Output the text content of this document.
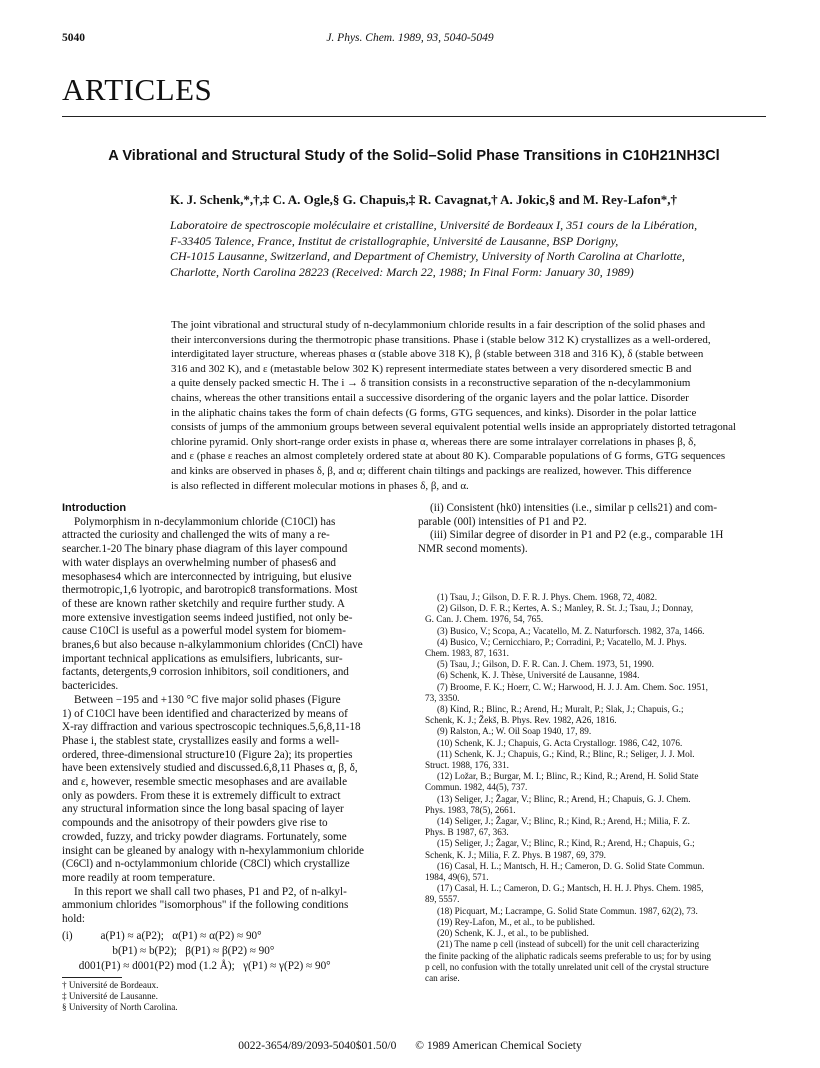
5040	J. Phys. Chem. 1989, 93, 5040-5049
ARTICLES
A Vibrational and Structural Study of the Solid–Solid Phase Transitions in C10H21NH3Cl
K. J. Schenk,*,†,‡ C. A. Ogle,§ G. Chapuis,‡ R. Cavagnat,† A. Jokic,§ and M. Rey-Lafon*,†

Laboratoire de spectroscopie moléculaire et cristalline, Université de Bordeaux I, 351 cours de la Libération,

F-33405 Talence, France, Institut de cristallographie, Université de Lausanne, BSP Dorigny,

CH-1015 Lausanne, Switzerland, and Department of Chemistry, University of North Carolina at Charlotte,

Charlotte, North Carolina 28223 (Received: March 22, 1988; In Final Form: January 30, 1989)

The joint vibrational and structural study of n-decylammonium chloride results in a fair description of the solid phases and

their interconversions during the thermotropic phase transitions. Phase i (stable below 312 K) crystallizes as a well-ordered,

interdigitated layer structure, whereas phases α (stable above 318 K), β (stable between 318 and 316 K), δ (stable between

316 and 302 K), and ε (metastable below 302 K) represent intermediate states between a very disordered smectic B and

a quite densely packed smectic H. The i → δ transition consists in a reconstructive separation of the n-decylammonium

chains, whereas the other transitions entail a successive disordering of the organic layers and the polar lattice. Disorder

in the aliphatic chains takes the form of chain defects (G forms, GTG sequences, and kinks). Disorder in the polar lattice

consists of jumps of the ammonium groups between several equivalent potential wells inside an appropriately distorted tetragonal

chlorine pyramid. Only short-range order exists in phase α, whereas there are some intralayer correlations in phases β, δ,

and ε (phase ε reaches an almost completely ordered state at about 80 K). Comparable populations of G forms, GTG sequences

and kinks are observed in phases δ, β, and α; different chain tiltings and packings are realized, however. This difference

is also reflected in different molecular motions in phases δ, β, and α.

Introduction

Polymorphism in n-decylammonium chloride (C10Cl) has

attracted the curiosity and challenged the wits of many a re-

searcher.1-20 The binary phase diagram of this layer compound

with water displays an overwhelming number of phases6 and

mesophases4 which are interconnected by intriguing, but elusive

thermotropic,1,6 lyotropic, and barotropic8 transformations. Most

of these are known rather sketchily and require further study. A

more extensive investigation seems indeed justified, not only be-

cause C10Cl is useful as a powerful model system for biomem-

branes,6 but also because n-alkylammonium chlorides (CnCl) have

important technical applications as emulsifiers, lubricants, sur-

factants, detergents,9 corrosion inhibitors, soil conditioners, and

bactericides.

Between −195 and +130 °C five major solid phases (Figure

1) of C10Cl have been identified and characterized by means of

X-ray diffraction and various spectroscopic techniques.5,6,8,11-18

Phase i, the stablest state, crystallizes easily and forms a well-

ordered, three-dimensional structure10 (Figure 2a); its properties

have been extensively studied and discussed.6,8,11 Phases α, β, δ,

and ε, however, resemble smectic mesophases and are available

only as powders. From these it is extremely difficult to extract

any structural information since the long basal spacing of layer

compounds and the anisotropy of their powders give rise to

crowded, fuzzy, and tricky powder diagrams. Fortunately, some

insight can be gleaned by analogy with n-hexylammonium chloride

(C6Cl) and n-octylammonium chloride (C8Cl) which crystallize

more readily at room temperature.

In this report we shall call two phases, P1 and P2, of n-alkyl-

ammonium chlorides "isomorphous" if the following conditions

hold:

(i)          a(P1) ≈ a(P2);   α(P1) ≈ α(P2) ≈ 90°

b(P1) ≈ b(P2);   β(P1) ≈ β(P2) ≈ 90°

d001(P1) ≈ d001(P2) mod (1.2 Å);   γ(P1) ≈ γ(P2) ≈ 90°

† Université de Bordeaux.

‡ Université de Lausanne.

§ University of North Carolina.

(ii) Consistent (hk0) intensities (i.e., similar p cells21) and com-

parable (00l) intensities of P1 and P2.

(iii) Similar degree of disorder in P1 and P2 (e.g., comparable 1H

NMR second moments).

(1) Tsau, J.; Gilson, D. F. R. J. Phys. Chem. 1968, 72, 4082.

(2) Gilson, D. F. R.; Kertes, A. S.; Manley, R. St. J.; Tsau, J.; Donnay,

G. Can. J. Chem. 1976, 54, 765.

(3) Busico, V.; Scopa, A.; Vacatello, M. Z. Naturforsch. 1982, 37a, 1466.

(4) Busico, V.; Cernicchiaro, P.; Corradini, P.; Vacatello, M. J. Phys.

Chem. 1983, 87, 1631.

(5) Tsau, J.; Gilson, D. F. R. Can. J. Chem. 1973, 51, 1990.

(6) Schenk, K. J. Thèse, Université de Lausanne, 1984.

(7) Broome, F. K.; Hoerr, C. W.; Harwood, H. J. J. Am. Chem. Soc. 1951,

73, 3350.

(8) Kind, R.; Blinc, R.; Arend, H.; Muralt, P.; Slak, J.; Chapuis, G.;

Schenk, K. J.; Žekš, B. Phys. Rev. 1982, A26, 1816.

(9) Ralston, A.; W. Oil Soap 1940, 17, 89.

(10) Schenk, K. J.; Chapuis, G. Acta Crystallogr. 1986, C42, 1076.

(11) Schenk, K. J.; Chapuis, G.; Kind, R.; Blinc, R.; Seliger, J. J. Mol.

Struct. 1988, 176, 331.

(12) Ložar, B.; Burgar, M. I.; Blinc, R.; Kind, R.; Arend, H. Solid State

Commun. 1982, 44(5), 737.

(13) Seliger, J.; Žagar, V.; Blinc, R.; Arend, H.; Chapuis, G. J. Chem.

Phys. 1983, 78(5), 2661.

(14) Seliger, J.; Žagar, V.; Blinc, R.; Kind, R.; Arend, H.; Milia, F. Z.

Phys. B 1987, 67, 363.

(15) Seliger, J.; Žagar, V.; Blinc, R.; Kind, R.; Arend, H.; Chapuis, G.;

Schenk, K. J.; Milia, F. Z. Phys. B 1987, 69, 379.

(16) Casal, H. L.; Mantsch, H. H.; Cameron, D. G. Solid State Commun.

1984, 49(6), 571.

(17) Casal, H. L.; Cameron, D. G.; Mantsch, H. H. J. Phys. Chem. 1985,

89, 5557.

(18) Picquart, M.; Lacrampe, G. Solid State Commun. 1987, 62(2), 73.

(19) Rey-Lafon, M., et al., to be published.

(20) Schenk, K. J., et al., to be published.

(21) The name p cell (instead of subcell) for the unit cell characterizing

the finite packing of the aliphatic radicals seems preferable to us; for by using

p cell, no confusion with the totally unrelated unit cell of the crystal structure

can arise.

0022-3654/89/2093-5040$01.50/0 © 1989 American Chemical Society
